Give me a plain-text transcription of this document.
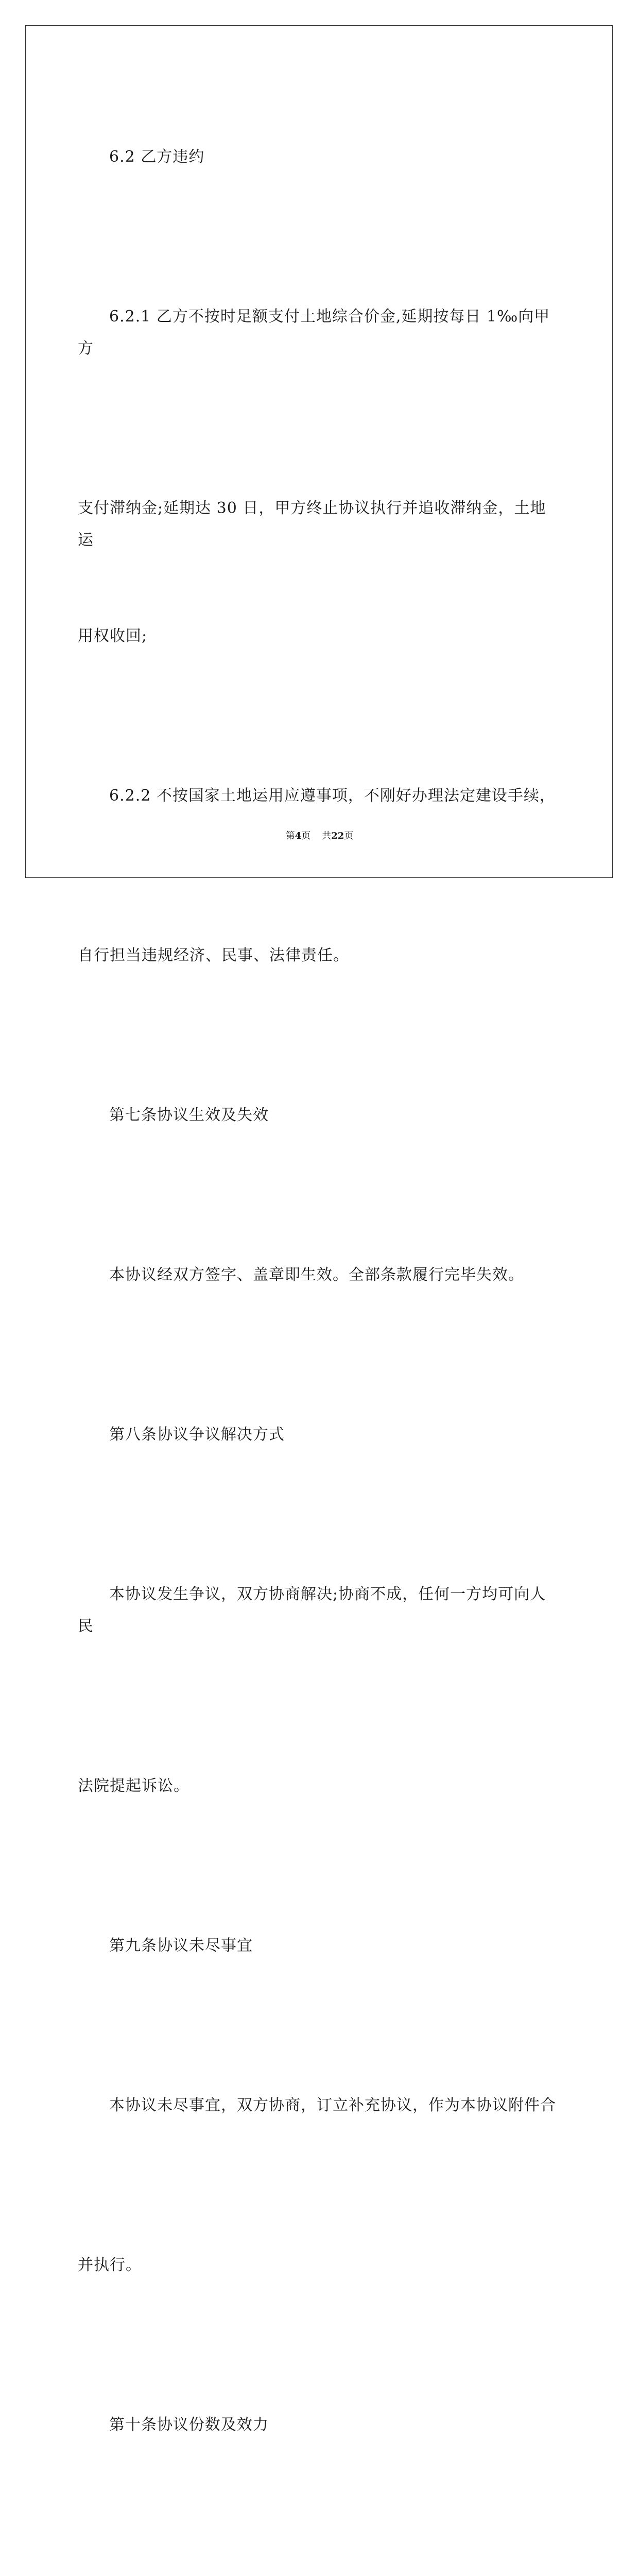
6.2 乙方违约

6.2.1 乙方不按时足额支付土地综合价金,延期按每日 1‰向甲方

支付滞纳金;延期达 30 日，甲方终止协议执行并追收滞纳金，土地运

用权收回;

6.2.2 不按国家土地运用应遵事项，不刚好办理法定建设手续，

自行担当违规经济、民事、法律责任。

第七条协议生效及失效

本协议经双方签字、盖章即生效。全部条款履行完毕失效。

第八条协议争议解决方式

本协议发生争议，双方协商解决;协商不成，任何一方均可向人民

法院提起诉讼。

第九条协议未尽事宜

本协议未尽事宜，双方协商，订立补充协议，作为本协议附件合

并执行。

第十条协议份数及效力

第4页 共22页
